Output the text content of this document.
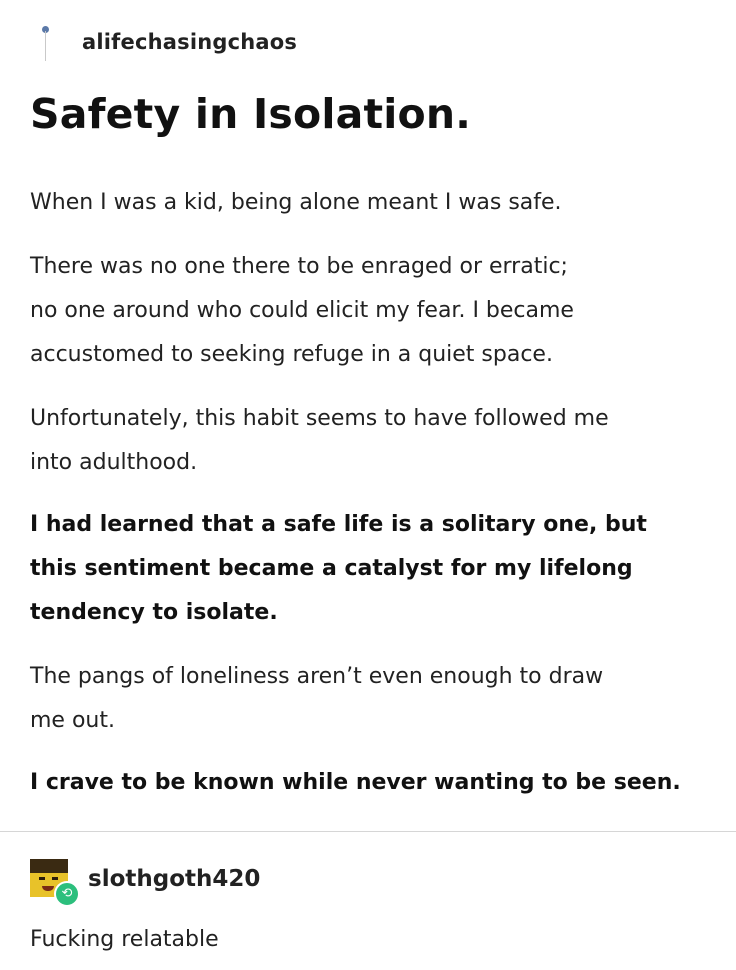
alifechasingchaos
Safety in Isolation.

When I was a kid, being alone meant I was safe.

There was no one there to be enraged or erratic;
no one around who could elicit my fear. I became
accustomed to seeking refuge in a quiet space.

Unfortunately, this habit seems to have followed me
into adulthood.

I had learned that a safe life is a solitary one, but
this sentiment became a catalyst for my lifelong
tendency to isolate.

The pangs of loneliness aren’t even enough to draw
me out.

I crave to be known while never wanting to be seen.

⟲
slothgoth420

Fucking relatable
